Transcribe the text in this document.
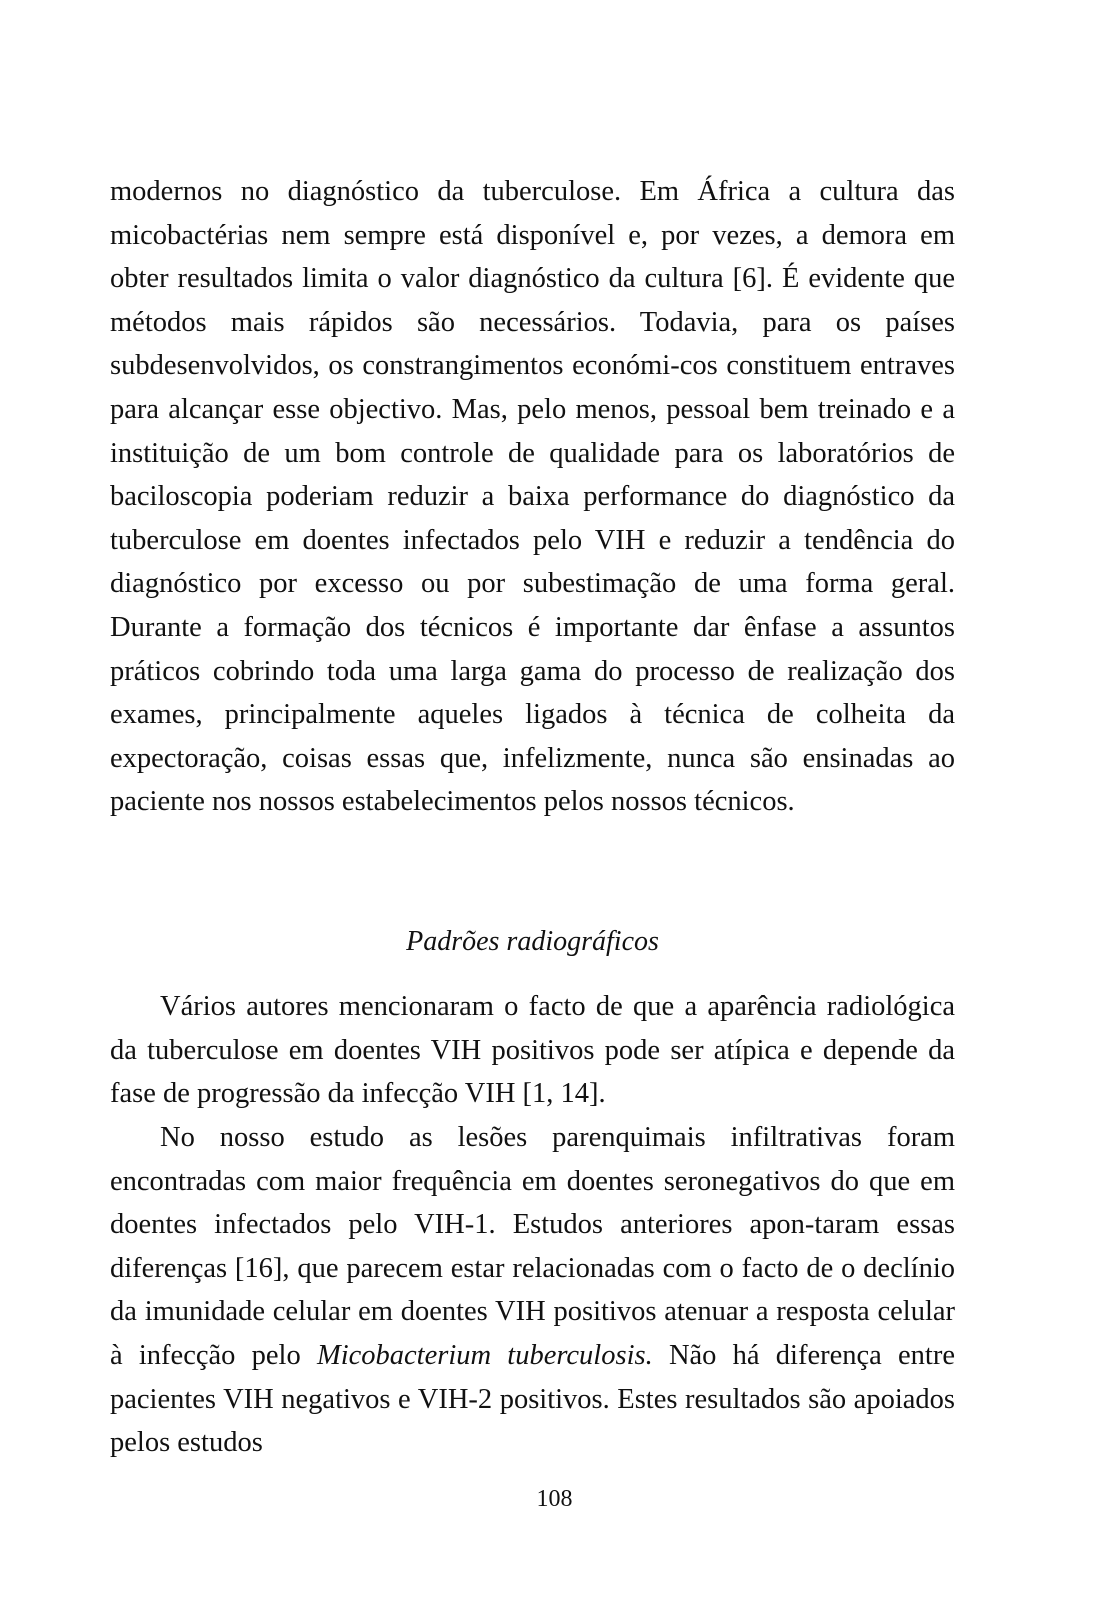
modernos no diagnóstico da tuberculose. Em África a cultura das micobactérias nem sempre está disponível e, por vezes, a demora em obter resultados limita o valor diagnóstico da cultura [6]. É evidente que métodos mais rápidos são necessários. Todavia, para os países subdesenvolvidos, os constrangimentos económi-cos constituem entraves para alcançar esse objectivo. Mas, pelo menos, pessoal bem treinado e a instituição de um bom controle de qualidade para os laboratórios de baciloscopia poderiam reduzir a baixa performance do diagnóstico da tuberculose em doentes infectados pelo VIH e reduzir a tendência do diagnóstico por excesso ou por subestimação de uma forma geral. Durante a formação dos técnicos é importante dar ênfase a assuntos práticos cobrindo toda uma larga gama do processo de realização dos exames, principalmente aqueles ligados à técnica de colheita da expectoração, coisas essas que, infelizmente, nunca são ensinadas ao paciente nos nossos estabelecimentos pelos nossos técnicos.

Padrões radiográficos

Vários autores mencionaram o facto de que a aparência radiológica da tuberculose em doentes VIH positivos pode ser atípica e depende da fase de progressão da infecção VIH [1, 14].

No nosso estudo as lesões parenquimais infiltrativas foram encontradas com maior frequência em doentes seronegativos do que em doentes infectados pelo VIH-1. Estudos anteriores apon-taram essas diferenças [16], que parecem estar relacionadas com o facto de o declínio da imunidade celular em doentes VIH positivos atenuar a resposta celular à infecção pelo Micobacterium tuberculosis. Não há diferença entre pacientes VIH negativos e VIH-2 positivos. Estes resultados são apoiados pelos estudos

108
